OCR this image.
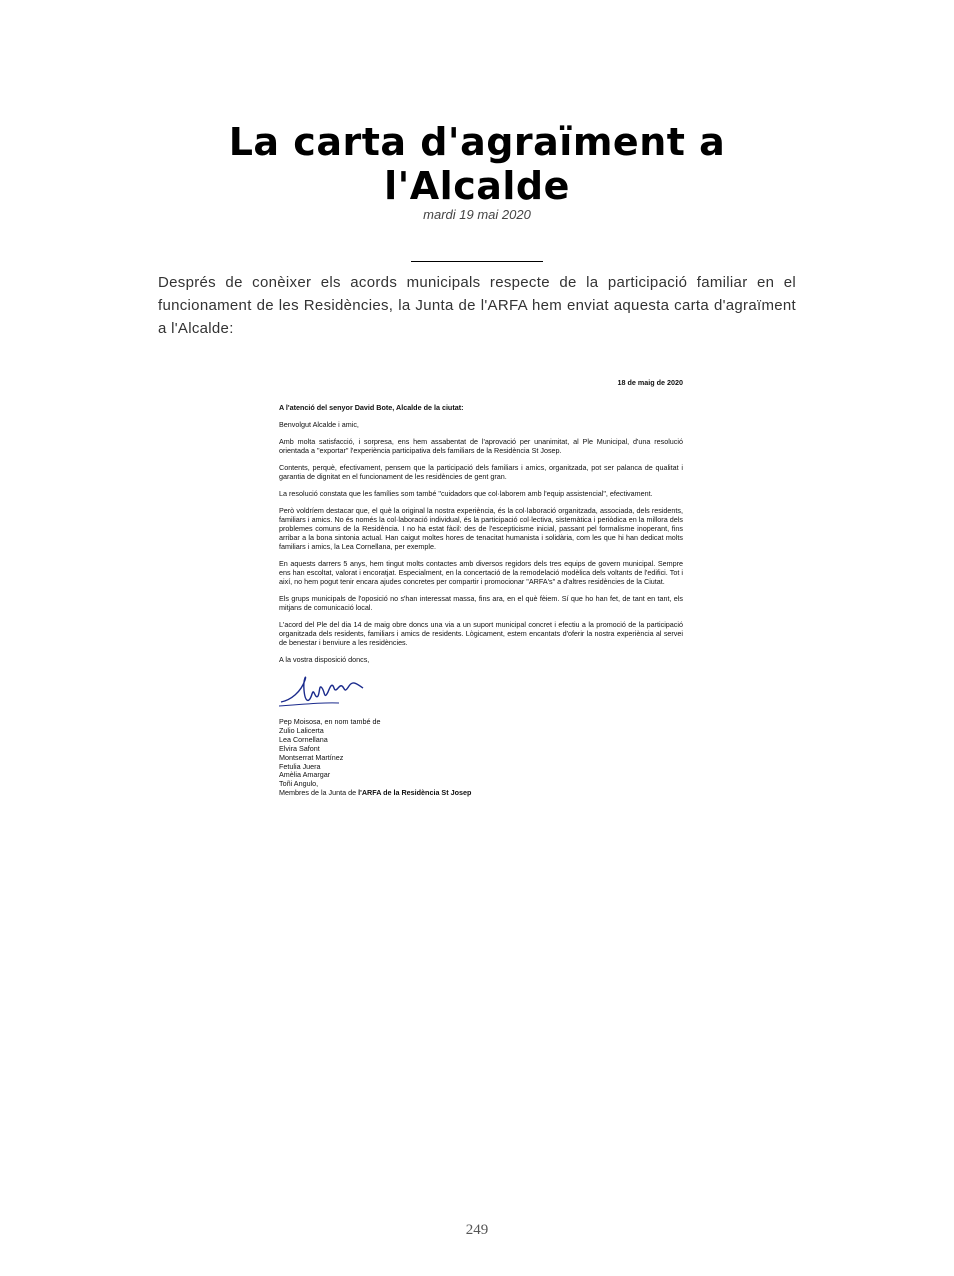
La carta d'agraïment a l'Alcalde
mardi 19 mai 2020
Després de conèixer els acords municipals respecte de la participació familiar en el funcionament de les Residències, la Junta de l'ARFA hem enviat aquesta carta d'agraïment a l'Alcalde:
18 de maig de 2020

A l'atenció del senyor David Bote, Alcalde de la ciutat:

Benvolgut Alcalde i amic,

Amb molta satisfacció, i sorpresa, ens hem assabentat de l'aprovació per unanimitat, al Ple Municipal, d'una resolució orientada a "exportar" l'experiència participativa dels familiars de la Residència St Josep.

Contents, perquè, efectivament, pensem que la participació dels familiars i amics, organitzada, pot ser palanca de qualitat i garantia de dignitat en el funcionament de les residències de gent gran.

La resolució constata que les famílies som també "cuidadors que col·laborem amb l'equip assistencial", efectivament.

Però voldríem destacar que, el què la original la nostra experiència, és la col·laboració organitzada, associada, dels residents, familiars i amics. No és només la col·laboració individual, és la participació col·lectiva, sistemàtica i periòdica en la millora dels problemes comuns de la Residència. I no ha estat fàcil: des de l'escepticisme inicial, passant pel formalisme inoperant, fins arribar a la bona sintonia actual. Han caigut moltes hores de tenacitat humanista i solidària, com les que hi han dedicat molts familiars i amics, la Lea Cornellana, per exemple.

En aquests darrers 5 anys, hem tingut molts contactes amb diversos regidors dels tres equips de govern municipal. Sempre ens han escoltat, valorat i encoratjat. Especialment, en la concertació de la remodelació modèlica dels voltants de l'edifici. Tot i així, no hem pogut tenir encara ajudes concretes per compartir i promocionar "ARFA's" a d'altres residències de la Ciutat.

Els grups municipals de l'oposició no s'han interessat massa, fins ara, en el què fèiem. Sí que ho han fet, de tant en tant, els mitjans de comunicació local.

L'acord del Ple del dia 14 de maig obre doncs una via a un suport municipal concret i efectiu a la promoció de la participació organitzada dels residents, familiars i amics de residents. Lògicament, estem encantats d'oferir la nostra experiència al servei de benestar i benviure a les residències.

A la vostra disposició doncs,

Pep Moisosa, en nom també de
Zulio Lalicerta
Lea Cornellana
Elvira Safont
Montserrat Martínez
Fetulia Juera
Amèlia Amargar
Toñi Angulo,
Membres de la Junta de l'ARFA de la Residència St Josep
249
